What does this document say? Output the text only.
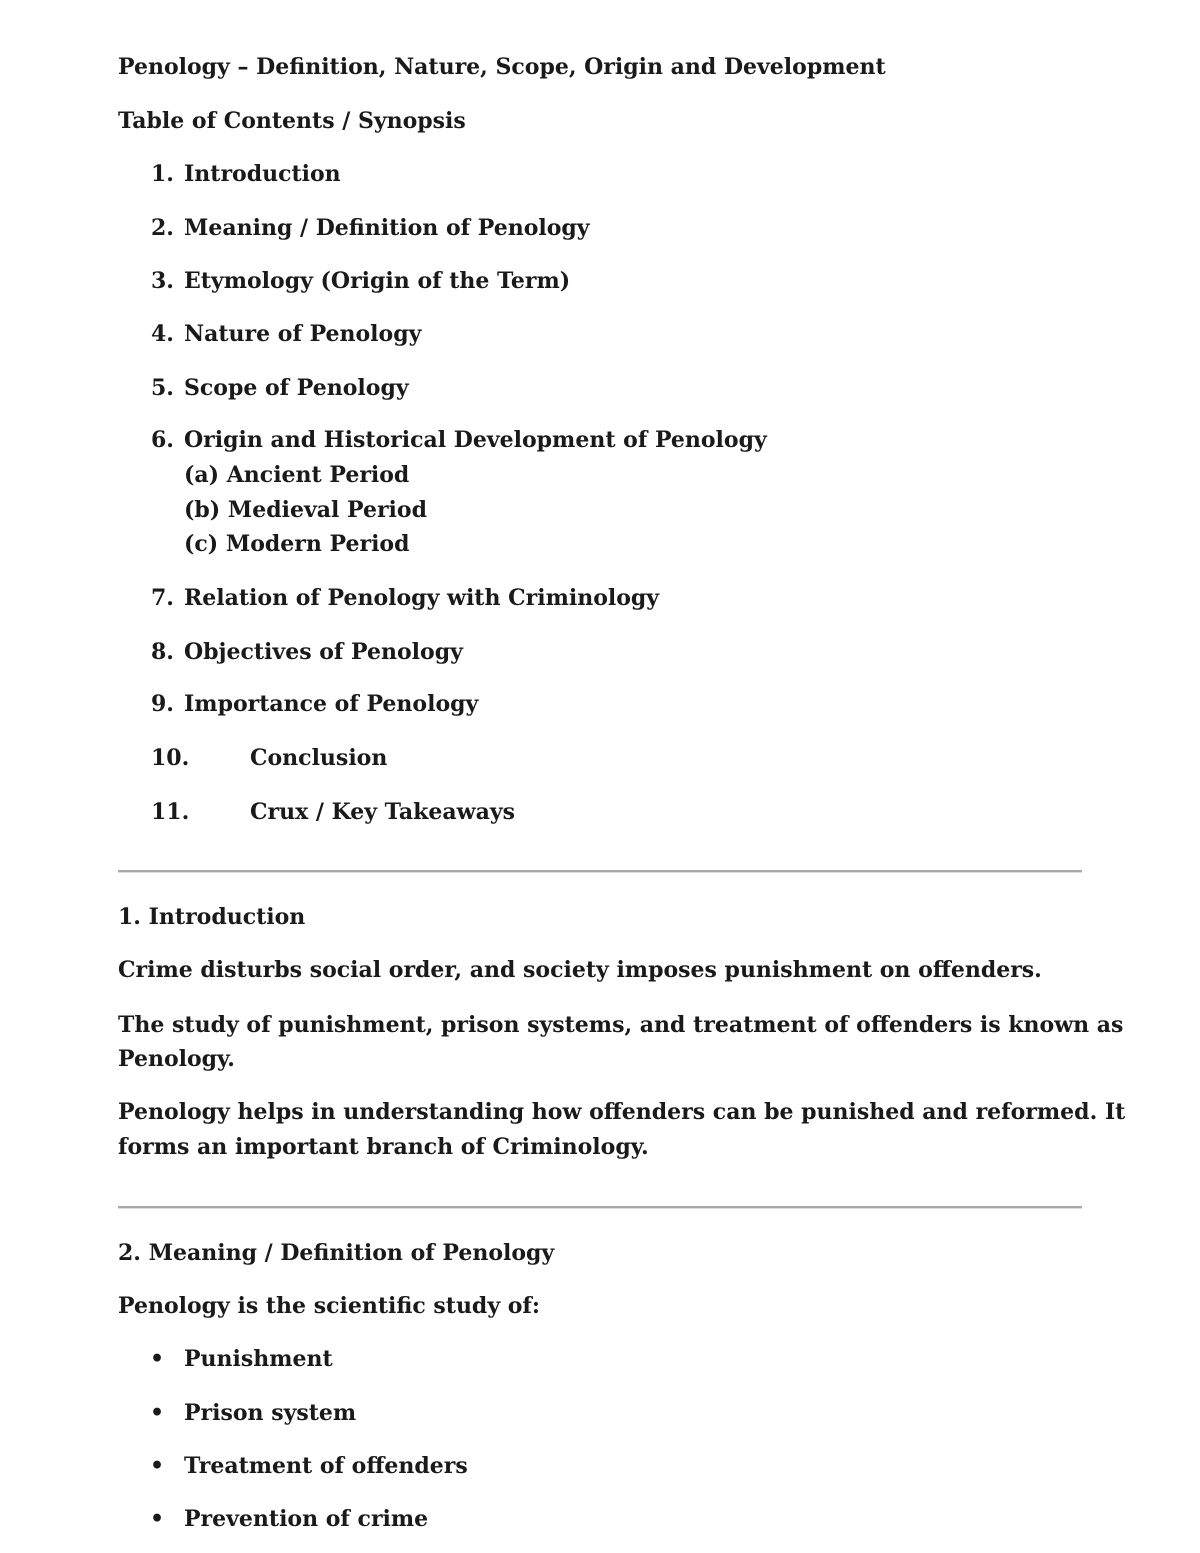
Penology – Definition, Nature, Scope, Origin and Development

Table of Contents / Synopsis

1. Introduction
2. Meaning / Definition of Penology
3. Etymology (Origin of the Term)
4. Nature of Penology
5. Scope of Penology
6. Origin and Historical Development of Penology
(a) Ancient Period
(b) Medieval Period
(c) Modern Period
7. Relation of Penology with Criminology
8. Objectives of Penology
9. Importance of Penology
10.	Conclusion
11.	Crux / Key Takeaways

1. Introduction

Crime disturbs social order, and society imposes punishment on offenders.

The study of punishment, prison systems, and treatment of offenders is known as

Penology.

Penology helps in understanding how offenders can be punished and reformed. It

forms an important branch of Criminology.

2. Meaning / Definition of Penology

Penology is the scientific study of:

• Punishment
• Prison system
• Treatment of offenders
• Prevention of crime
